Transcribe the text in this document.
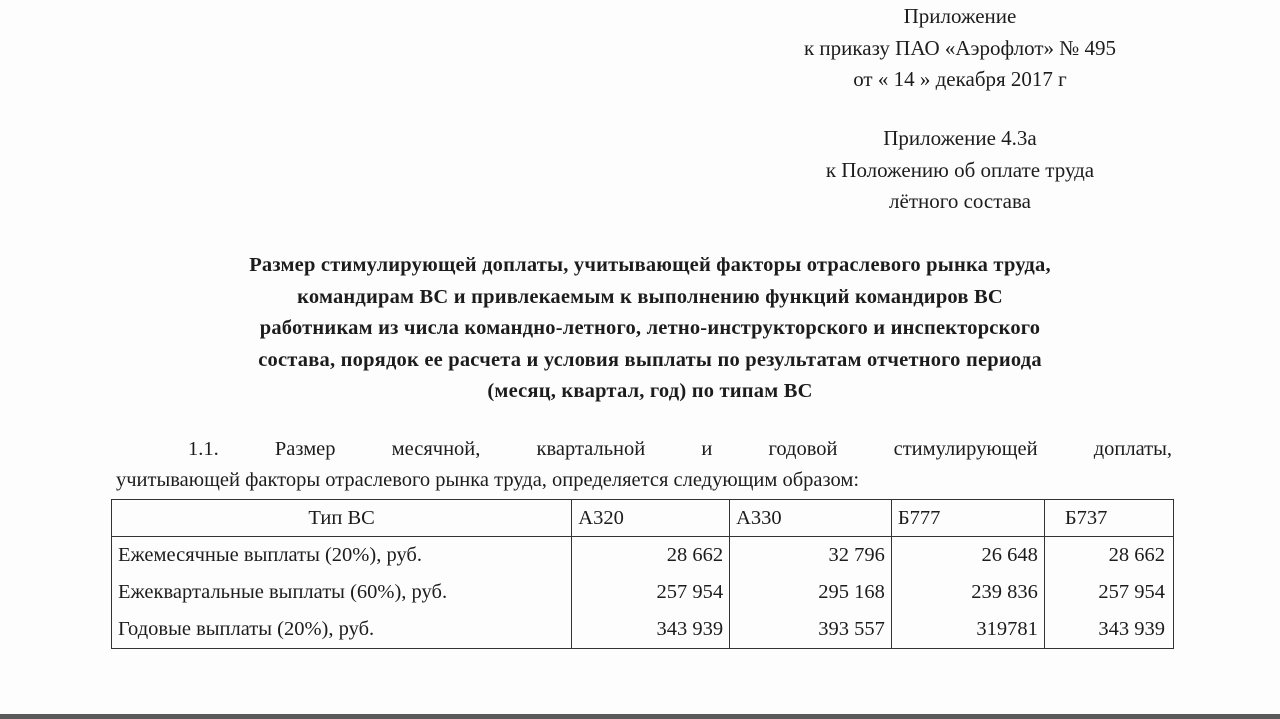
Приложение
к приказу ПАО «Аэрофлот» № 495
от « 14 » декабря 2017 г
Приложение 4.3а
к Положению об оплате труда
лётного состава
Размер стимулирующей доплаты, учитывающей факторы отраслевого рынка труда,
командирам ВС и привлекаемым к выполнению функций командиров ВС
работникам из числа командно-летного, летно-инструкторского и инспекторского
состава, порядок ее расчета и условия выплаты по результатам отчетного периода
(месяц, квартал, год) по типам ВС
1.1. Размер месячной, квартальной и годовой стимулирующей доплаты,
учитывающей факторы отраслевого рынка труда, определяется следующим образом:
Тип ВС	А320	А330	Б777	Б737
Ежемесячные выплаты (20%), руб.	28 662	32 796	26 648	28 662
Ежеквартальные выплаты (60%), руб.	257 954	295 168	239 836	257 954
Годовые выплаты (20%), руб.	343 939	393 557	319781	343 939
